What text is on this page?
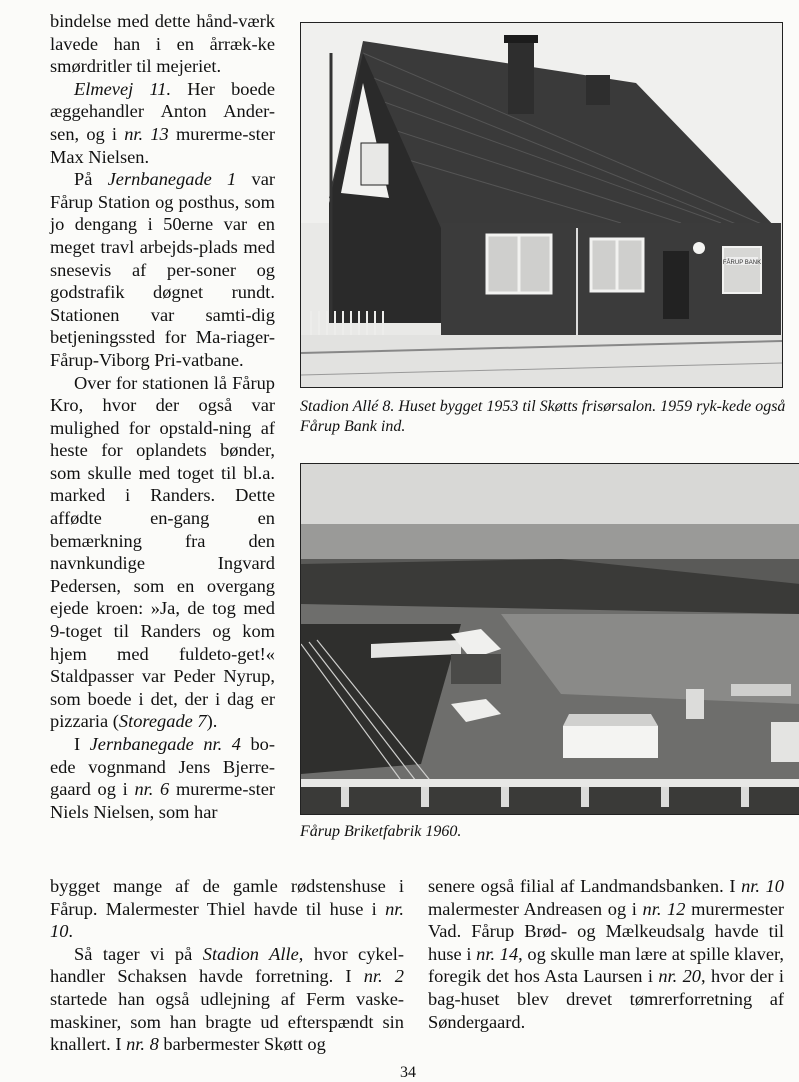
bindelse med dette hånd-værk lavede han i en årræk-ke smørdritler til mejeriet.

Elmevej 11. Her boede æggehandler Anton Ander-sen, og i nr. 13 murerme-ster Max Nielsen.

På Jernbanegade 1 var Fårup Station og posthus, som jo dengang i 50erne var en meget travl arbejds-plads med snesevis af per-soner og godstrafik døgnet rundt. Stationen var samti-dig betjeningssted for Ma-riager-Fårup-Viborg Pri-vatbane.

Over for stationen lå Fårup Kro, hvor der også var mulighed for opstald-ning af heste for oplandets bønder, som skulle med toget til bl.a. marked i Randers. Dette affødte en-gang en bemærkning fra den navnkundige Ingvard Pedersen, som en overgang ejede kroen: »Ja, de tog med 9-toget til Randers og kom hjem med fuldeto-get!« Staldpasser var Peder Nyrup, som boede i det, der i dag er pizzaria (Storegade 7).

I Jernbanegade nr. 4 bo-ede vognmand Jens Bjerre-gaard og i nr. 6 murerme-ster Niels Nielsen, som har

FÅRUP BANK
Stadion Allé 8. Huset bygget 1953 til Skøtts frisørsalon. 1959 ryk-kede også Fårup Bank ind.
Fårup Briketfabrik 1960.

bygget mange af de gamle rødstenshuse i Fårup. Malermester Thiel havde til huse i nr. 10.

Så tager vi på Stadion Alle, hvor cykel-handler Schaksen havde forretning. I nr. 2 startede han også udlejning af Ferm vaske-maskiner, som han bragte ud efterspændt sin knallert. I nr. 8 barbermester Skøtt og

senere også filial af Landmandsbanken. I nr. 10 malermester Andreasen og i nr. 12 murermester Vad. Fårup Brød- og Mælkeudsalg havde til huse i nr. 14, og skulle man lære at spille klaver, foregik det hos Asta Laursen i nr. 20, hvor der i bag-huset blev drevet tømrerforretning af Søndergaard.

34
